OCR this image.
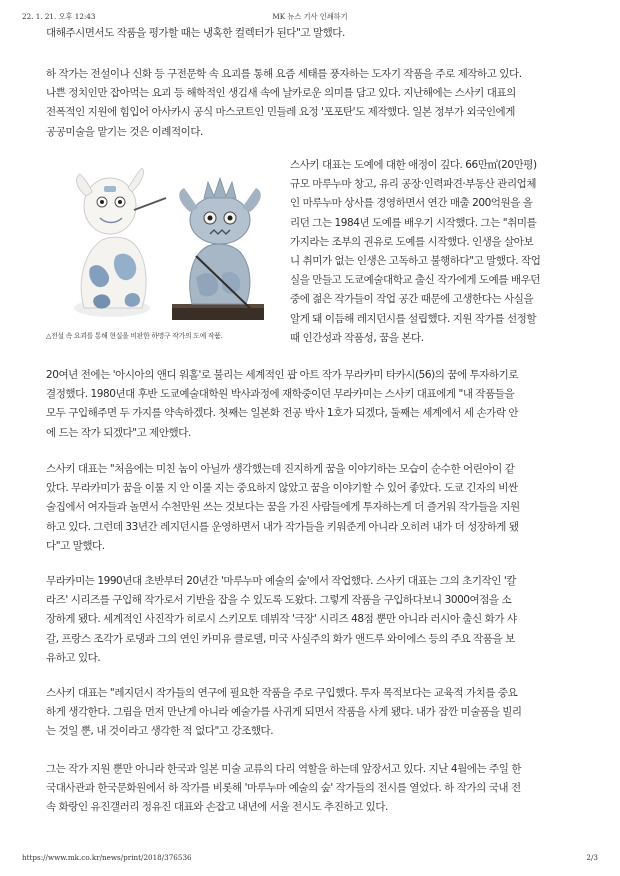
22. 1. 21. 오후 12:43	MK 뉴스 기사 인쇄하기

대해주시면서도 작품을 평가할 때는 냉혹한 컬렉터가 된다"고 말했다.

하 작가는 전설이나 신화 등 구전문학 속 요괴를 통해 요즘 세태를 풍자하는 도자기 작품을 주로 제작하고 있다.
나쁜 정치인만 잡아먹는 요괴 등 해학적인 생김새 속에 날카로운 의미를 담고 있다. 지난해에는 스사키 대표의
전폭적인 지원에 힘입어 아사카시 공식 마스코트인 민들레 요정 '포포탄'도 제작했다. 일본 정부가 외국인에게
공공미술을 맡기는 것은 이례적이다.

△전설 속 요괴를 통해 현실을 비판한 하명구 작가의 도예 작품.

스사키 대표는 도예에 대한 애정이 깊다. 66만㎡(20만평)
규모 마루누마 창고, 유리 공장·인력파견·부동산 관리업체
인 마루누마 상사를 경영하면서 연간 매출 200억원을 올
리던 그는 1984년 도예를 배우기 시작했다. 그는 "취미를
가지라는 조부의 권유로 도예를 시작했다. 인생을 살아보
니 취미가 없는 인생은 고독하고 불행하다"고 말했다. 작업
실을 만들고 도쿄예술대학교 출신 작가에게 도예를 배우던
중에 젊은 작가들이 작업 공간 때문에 고생한다는 사실을
알게 돼 이듬해 레지던시를 설립했다. 지원 작가를 선정할
때 인간성과 작품성, 꿈을 본다.

20여년 전에는 '아시아의 앤디 워홀'로 불리는 세계적인 팝 아트 작가 무라카미 타카시(56)의 꿈에 투자하기로
결정했다. 1980년대 후반 도쿄예술대학원 박사과정에 재학중이던 무라카미는 스사키 대표에게 "내 작품들을
모두 구입해주면 두 가지를 약속하겠다. 첫째는 일본화 전공 박사 1호가 되겠다, 둘째는 세계에서 세 손가락 안
에 드는 작가 되겠다"고 제안했다.

스사키 대표는 "처음에는 미친 놈이 아닐까 생각했는데 진지하게 꿈을 이야기하는 모습이 순수한 어린아이 같
았다. 무라카미가 꿈을 이룰 지 안 이룰 지는 중요하지 않았고 꿈을 이야기할 수 있어 좋았다. 도쿄 긴자의 비싼
술집에서 여자들과 놀면서 수천만원 쓰는 것보다는 꿈을 가진 사람들에게 투자하는게 더 즐거워 작가들을 지원
하고 있다. 그런데 33년간 레지던시를 운영하면서 내가 작가들을 키워준게 아니라 오히려 내가 더 성장하게 됐
다"고 말했다.

무라카미는 1990년대 초반부터 20년간 '마루누마 예술의 숲'에서 작업했다. 스사키 대표는 그의 초기작인 '칼
라즈' 시리즈를 구입해 작가로서 기반을 잡을 수 있도록 도왔다. 그렇게 작품을 구입하다보니 3000여점을 소
장하게 됐다. 세계적인 사진작가 히로시 스키모토 데뷔작 '극장' 시리즈 48점 뿐만 아니라 러시아 출신 화가 샤
갈, 프랑스 조각가 로댕과 그의 연인 카미유 클로델, 미국 사실주의 화가 앤드루 와이에스 등의 주요 작품을 보
유하고 있다.

스사키 대표는 "레지던시 작가들의 연구에 필요한 작품을 주로 구입했다. 투자 목적보다는 교육적 가치를 중요
하게 생각한다. 그림을 먼저 만난게 아니라 예술가를 사귀게 되면서 작품을 사게 됐다. 내가 잠깐 미술품을 빌리
는 것일 뿐, 내 것이라고 생각한 적 없다"고 강조했다.

그는 작가 지원 뿐만 아니라 한국과 일본 미술 교류의 다리 역할을 하는데 앞장서고 있다. 지난 4월에는 주일 한
국대사관과 한국문화원에서 하 작가를 비롯해 '마루누마 예술의 숲' 작가들의 전시를 열었다. 하 작가의 국내 전
속 화랑인 유진갤러리 정유진 대표와 손잡고 내년에 서울 전시도 추진하고 있다.

https://www.mk.co.kr/news/print/2018/376536	2/3
